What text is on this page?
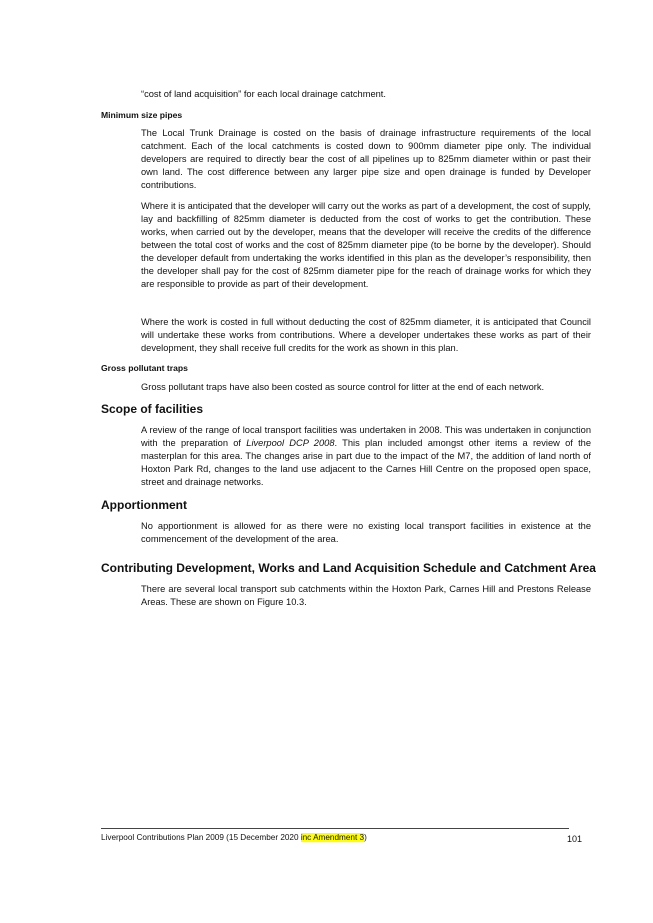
“cost of land acquisition” for each local drainage catchment.

Minimum size pipes

The Local Trunk Drainage is costed on the basis of drainage infrastructure requirements of the local catchment. Each of the local catchments is costed down to 900mm diameter pipe only. The individual developers are required to directly bear the cost of all pipelines up to 825mm diameter within or past their own land. The cost difference between any larger pipe size and open drainage is funded by Developer contributions.

Where it is anticipated that the developer will carry out the works as part of a development, the cost of supply, lay and backfilling of 825mm diameter is deducted from the cost of works to get the contribution. These works, when carried out by the developer, means that the developer will receive the credits of the difference between the total cost of works and the cost of 825mm diameter pipe (to be borne by the developer). Should the developer default from undertaking the works identified in this plan as the developer’s responsibility, then the developer shall pay for the cost of 825mm diameter pipe for the reach of drainage works for which they are responsible to provide as part of their development.

Where the work is costed in full without deducting the cost of 825mm diameter, it is anticipated that Council will undertake these works from contributions. Where a developer undertakes these works as part of their development, they shall receive full credits for the work as shown in this plan.

Gross pollutant traps

Gross pollutant traps have also been costed as source control for litter at the end of each network.

Scope of facilities

A review of the range of local transport facilities was undertaken in 2008. This was undertaken in conjunction with the preparation of Liverpool DCP 2008. This plan included amongst other items a review of the masterplan for this area. The changes arise in part due to the impact of the M7, the addition of land north of Hoxton Park Rd, changes to the land use adjacent to the Carnes Hill Centre on the proposed open space, street and drainage networks.

Apportionment

No apportionment is allowed for as there were no existing local transport facilities in existence at the commencement of the development of the area.

Contributing Development, Works and Land Acquisition Schedule and Catchment Area

There are several local transport sub catchments within the Hoxton Park, Carnes Hill and Prestons Release Areas. These are shown on Figure 10.3.

Liverpool Contributions Plan 2009 (15 December 2020 inc Amendment 3)	101
